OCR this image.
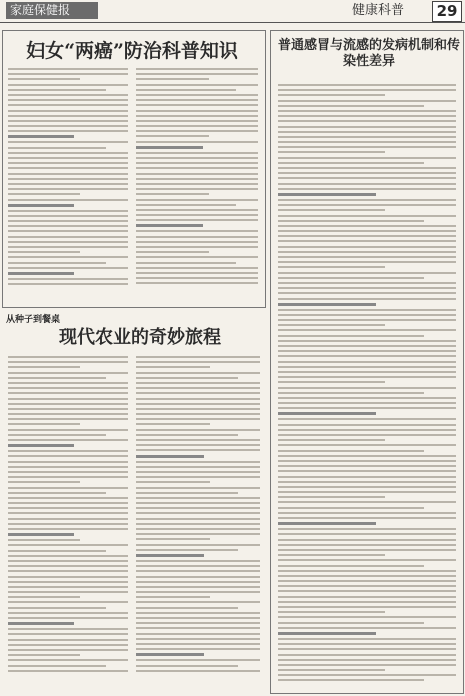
家庭保健报	健康科普	29
妇女“两癌”防治科普知识
从种子到餐桌
现代农业的奇妙旅程
普通感冒与流感的发病机制和传染性差异
